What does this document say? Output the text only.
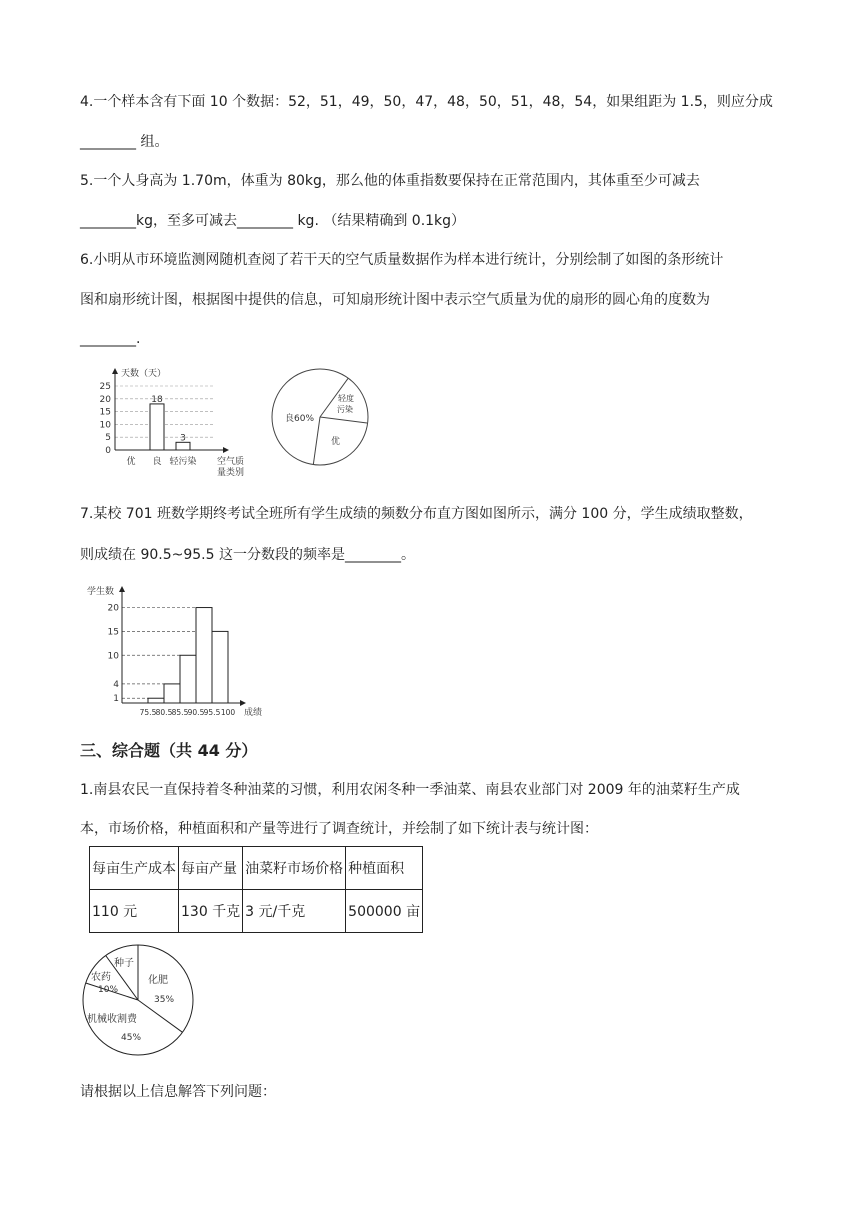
4.一个样本含有下面 10 个数据：52，51，49，50，47，48，50，51，48，54，如果组距为 1.5，则应分成
________ 组。
5.一个人身高为 1.70m，体重为 80kg，那么他的体重指数要保持在正常范围内，其体重至少可减去
________kg，至多可减去________ kg. （结果精确到 0.1kg）
6.小明从市环境监测网随机查阅了若干天的空气质量数据作为样本进行统计，分别绘制了如图的条形统计
图和扇形统计图，根据图中提供的信息，可知扇形统计图中表示空气质量为优的扇形的圆心角的度数为
________.
0
5
10
15
20
25
天数（天）
空气质
量类别
优
18
良
3
轻污染
良60%
轻度
污染
优
7.某校 701 班数学期终考试全班所有学生成绩的频数分布直方图如图所示，满分 100 分，学生成绩取整数，
则成绩在 90.5~95.5 这一分数段的频率是________。
1
4
10
15
20
学生数
成绩
75.5 80.5 85.5 90.5 95.5 100
三、综合题（共 44 分）
1.南县农民一直保持着冬种油菜的习惯，利用农闲冬种一季油菜、南县农业部门对 2009 年的油菜籽生产成
本，市场价格，种植面积和产量等进行了调查统计，并绘制了如下统计表与统计图：
每亩生产成本	每亩产量	油菜籽市场价格	种植面积
110 元	130 千克	3 元/千克	500000 亩
化肥
35%
机械收割费
45%
农药
10%
种子
请根据以上信息解答下列问题：
